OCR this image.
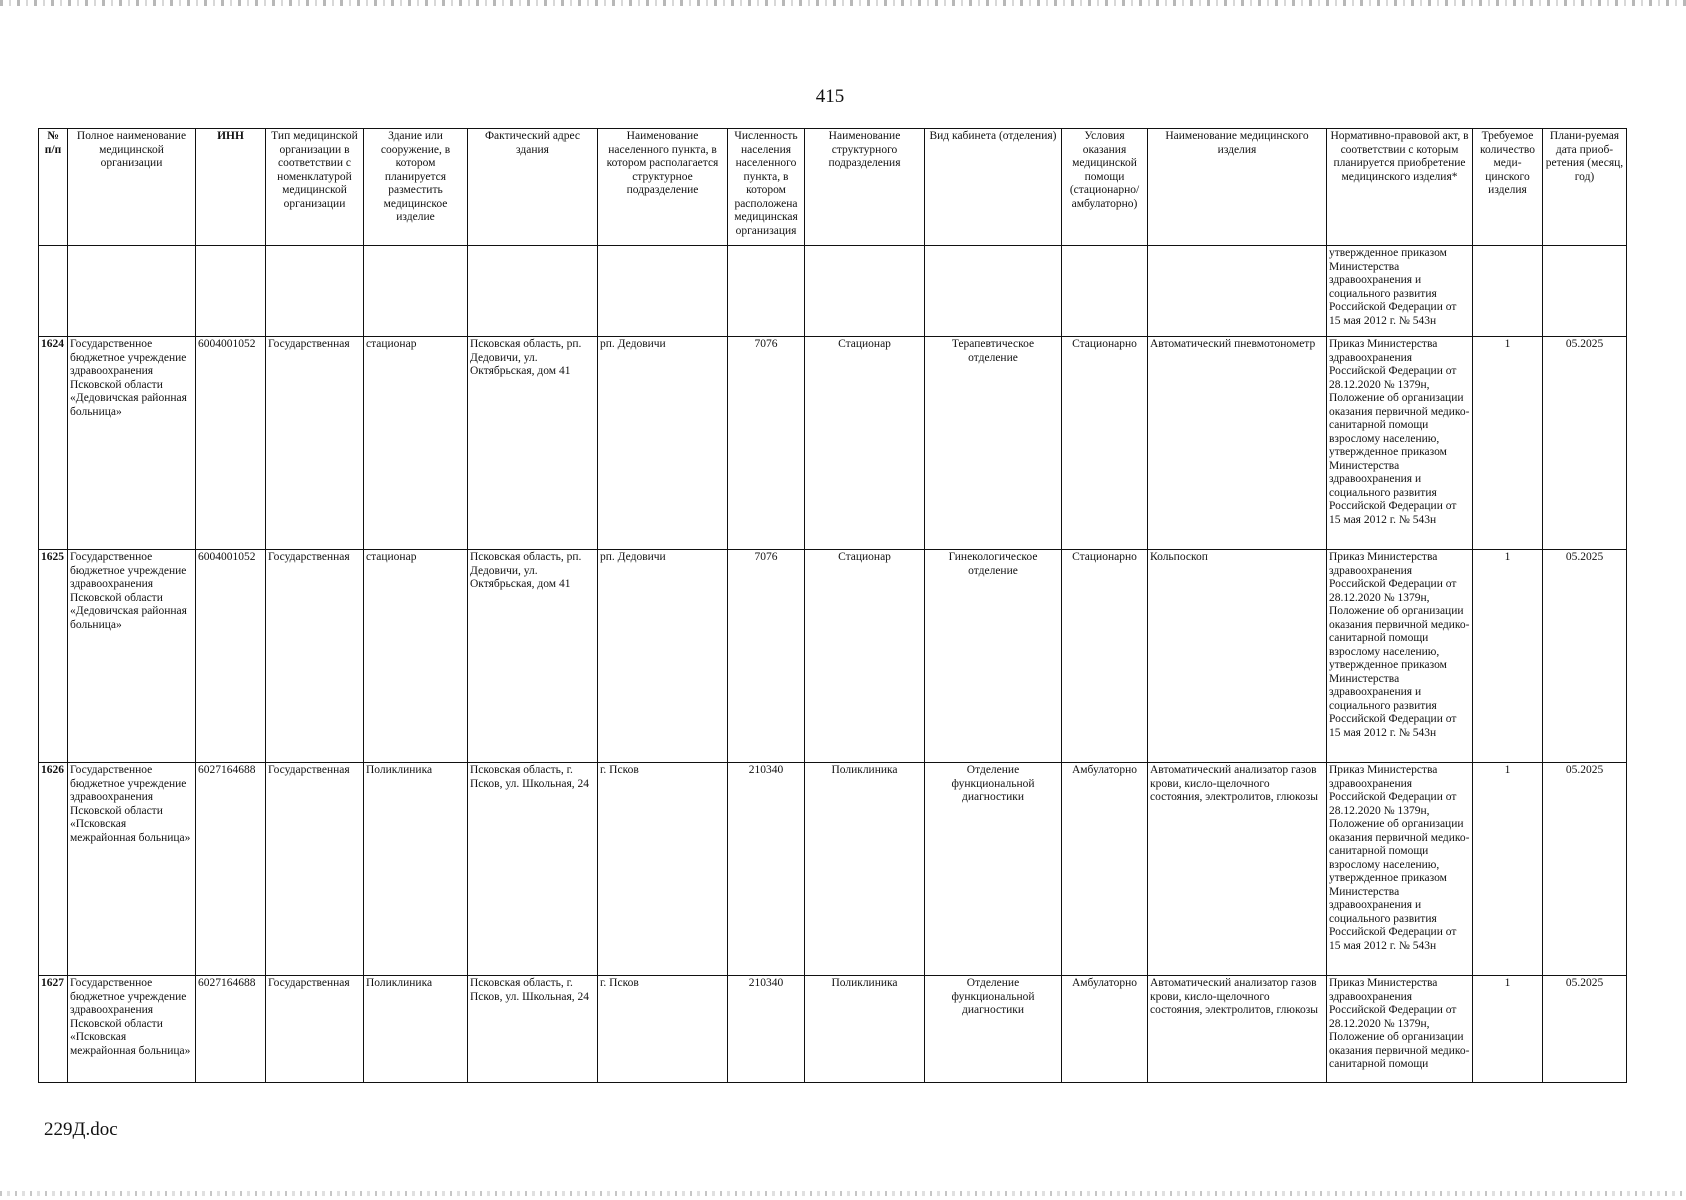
415
№ п/п	Полное наименование медицинской организации	ИНН	Тип медицинской организации в соответствии с номенклатурой медицинской организации	Здание или сооружение, в котором планируется разместить медицинское изделие	Фактический адрес здания	Наименование населенного пункта, в котором располагается структурное подразделение	Численность населения населенного пункта, в котором расположена медицинская организация	Наименование структурного подразделения	Вид кабинета (отделения)	Условия оказания медицинской помощи (стационарно/ амбулаторно)	Наименование медицинского изделия	Нормативно-правовой акт, в соответствии с которым планируется приобретение медицинского изделия*	Требуемое количество меди-цинского изделия	Плани-руемая дата приоб-ретения (месяц, год)
												утвержденное приказом Министерства здравоохранения и социального развития Российской Федерации от 15 мая 2012 г. № 543н		
1624	Государственное бюджетное учреждение здравоохранения Псковской области «Дедовичская районная больница»	6004001052	Государственная	стационар	Псковская область, рп. Дедовичи, ул. Октябрьская, дом 41	рп. Дедовичи	7076	Стационар	Терапевтическое отделение	Стационарно	Автоматический пневмотонометр	Приказ Министерства здравоохранения Российской Федерации от 28.12.2020 № 1379н, Положение об организации оказания первичной медико-санитарной помощи взрослому населению, утвержденное приказом Министерства здравоохранения и социального развития Российской Федерации от 15 мая 2012 г. № 543н	1	05.2025
1625	Государственное бюджетное учреждение здравоохранения Псковской области «Дедовичская районная больница»	6004001052	Государственная	стационар	Псковская область, рп. Дедовичи, ул. Октябрьская, дом 41	рп. Дедовичи	7076	Стационар	Гинекологическое отделение	Стационарно	Кольпоскоп	Приказ Министерства здравоохранения Российской Федерации от 28.12.2020 № 1379н, Положение об организации оказания первичной медико-санитарной помощи взрослому населению, утвержденное приказом Министерства здравоохранения и социального развития Российской Федерации от 15 мая 2012 г. № 543н	1	05.2025
1626	Государственное бюджетное учреждение здравоохранения Псковской области «Псковская межрайонная больница»	6027164688	Государственная	Поликлиника	Псковская область, г. Псков, ул. Школьная, 24	г. Псков	210340	Поликлиника	Отделение функциональной диагностики	Амбулаторно	Автоматический анализатор газов крови, кисло-щелочного состояния, электролитов, глюкозы	Приказ Министерства здравоохранения Российской Федерации от 28.12.2020 № 1379н, Положение об организации оказания первичной медико-санитарной помощи взрослому населению, утвержденное приказом Министерства здравоохранения и социального развития Российской Федерации от 15 мая 2012 г. № 543н	1	05.2025
1627	Государственное бюджетное учреждение здравоохранения Псковской области «Псковская межрайонная больница»	6027164688	Государственная	Поликлиника	Псковская область, г. Псков, ул. Школьная, 24	г. Псков	210340	Поликлиника	Отделение функциональной диагностики	Амбулаторно	Автоматический анализатор газов крови, кисло-щелочного состояния, электролитов, глюкозы	Приказ Министерства здравоохранения Российской Федерации от 28.12.2020 № 1379н, Положение об организации оказания первичной медико-санитарной помощи	1	05.2025
229Д.doc
